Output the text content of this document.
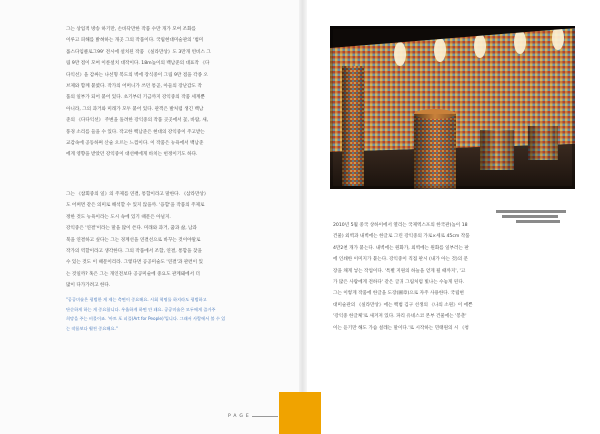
그는 상업적 방송 하기만, 손바닥만한 작품 수만 개가 모여 조화를

이루고 피해를 밝혀하는 개곳 그의 작품이다. 국립현대미술관의 '범미

롤스다임클로그99' 전시에 설치된 작품 《실라만상》도 3만개 빈비스 그

림 9만 점이 모여 이룬설치 대작이다. 18m높이의 백남준의 대표작 《다

다익선》을 감싸는 나선형 복도의 벽에 장식중이 그림 9만 점을 각종 오

브제와 함께 붙였다. 작가의 어머니가 쓰던 통곧, 아들의 장난감도 작

품의 일부가 되어 붙어 있다. 초기부터 기금까지 강익중의 작품 세계뿐

아니라, 그의 과거와 미래가 모두 붙어 있다. 관객은 발처럼 생긴 백남

준의 《다다익선》 주변을 돌려한 강익중의 작품 곳곳에서 꽃, 바람, 새,

풍경 소리를 들을 수 있다. 작고한 백남준은 현대의 강익중이 주고받는

교감속에 공동하며 산술 오르는 느낌이다. 이 작품은 뉴욕에서 백남준

에게 영향을 받았던 강익중이 대선배에게 바치는 헌정이기도 하다.

그는 《참회중의 일》의 주제를 연결, 통합이라고 말한다. 《삼라만상》

도 어쩌면 같은 의미로 해석할 수 있지 않을까. '융합'을 작품의 주제로

정한 것도 뉴욕이라는 도시 속에 있기 때문은 아닐지.

강익중은 '연결'이라는 말을 많이 쓴다. 미래와 과거, 꿈과 삶, 남과

북을 연결하고 싶다는 그는 경계선을 연결선으로 바꾸는 것이야말로

작가의 역할이라고 생각한다. 그의 작품에서 조합, 연결, 통합을 찾을

수 있는 것도 이 때문이리라. 그렇다면 공공미술도 '연결'과 관련이 있

는 것일까? 혹은 그는 개인전보다 공공미술에 중요도 관계돼에서 더

많이 다가가려고 한다.

"공공미술은 평범한 게 제는 측면이 중요해요. 시회 혁명를 하지라도 평범하고

단순하게 하는 게 중요합니다. 우울하게 하면 안 돼요. 공공미술은 모두에게 즐거주

희망을 주는 비물이죠. '아트 포 피플(Art for People)'입니다. 그래서 사람에서 볼 수 있

는 작품보다 훨씬 중요해요."

2010년 5월 중국 상하이에서 열리는 국제엑스포의 한국관(높이 18

건물) 외벽과 내벽에는 한글로 그린 강익중의 가로×세로 45cm 작품

4만2천 개가 붙는다. 내벽에는 원화가, 외벽에는 원화를 일부러는 판

에 인쇄한 이미지가 붙는다. 강익중이 직접 판시 (내가 아는 것)의 문

장을 채게 넣는 작업이다. '특별 지원의 하늘을 얻게 될 때까지', '고

가 많은 사람에게 전하다' 같은 글귀 그림처럼 빛나는 수놓게 된다.

그는 이렇게 작품에 한글을 도장(圖章)으로 자주 사용한다. 국립현

대미술관의 《실라만상》에는 백범 김구 선생의 《나의 소원》이 에쁜

'강익중 한글체'로 새겨져 있다. 파리 유네스코 본부 건물에는 '봉춘'

이는 듣기만 해도 가슴 설레는 말이다.'로 시작하는 민태원의 시 《청

PAGE
